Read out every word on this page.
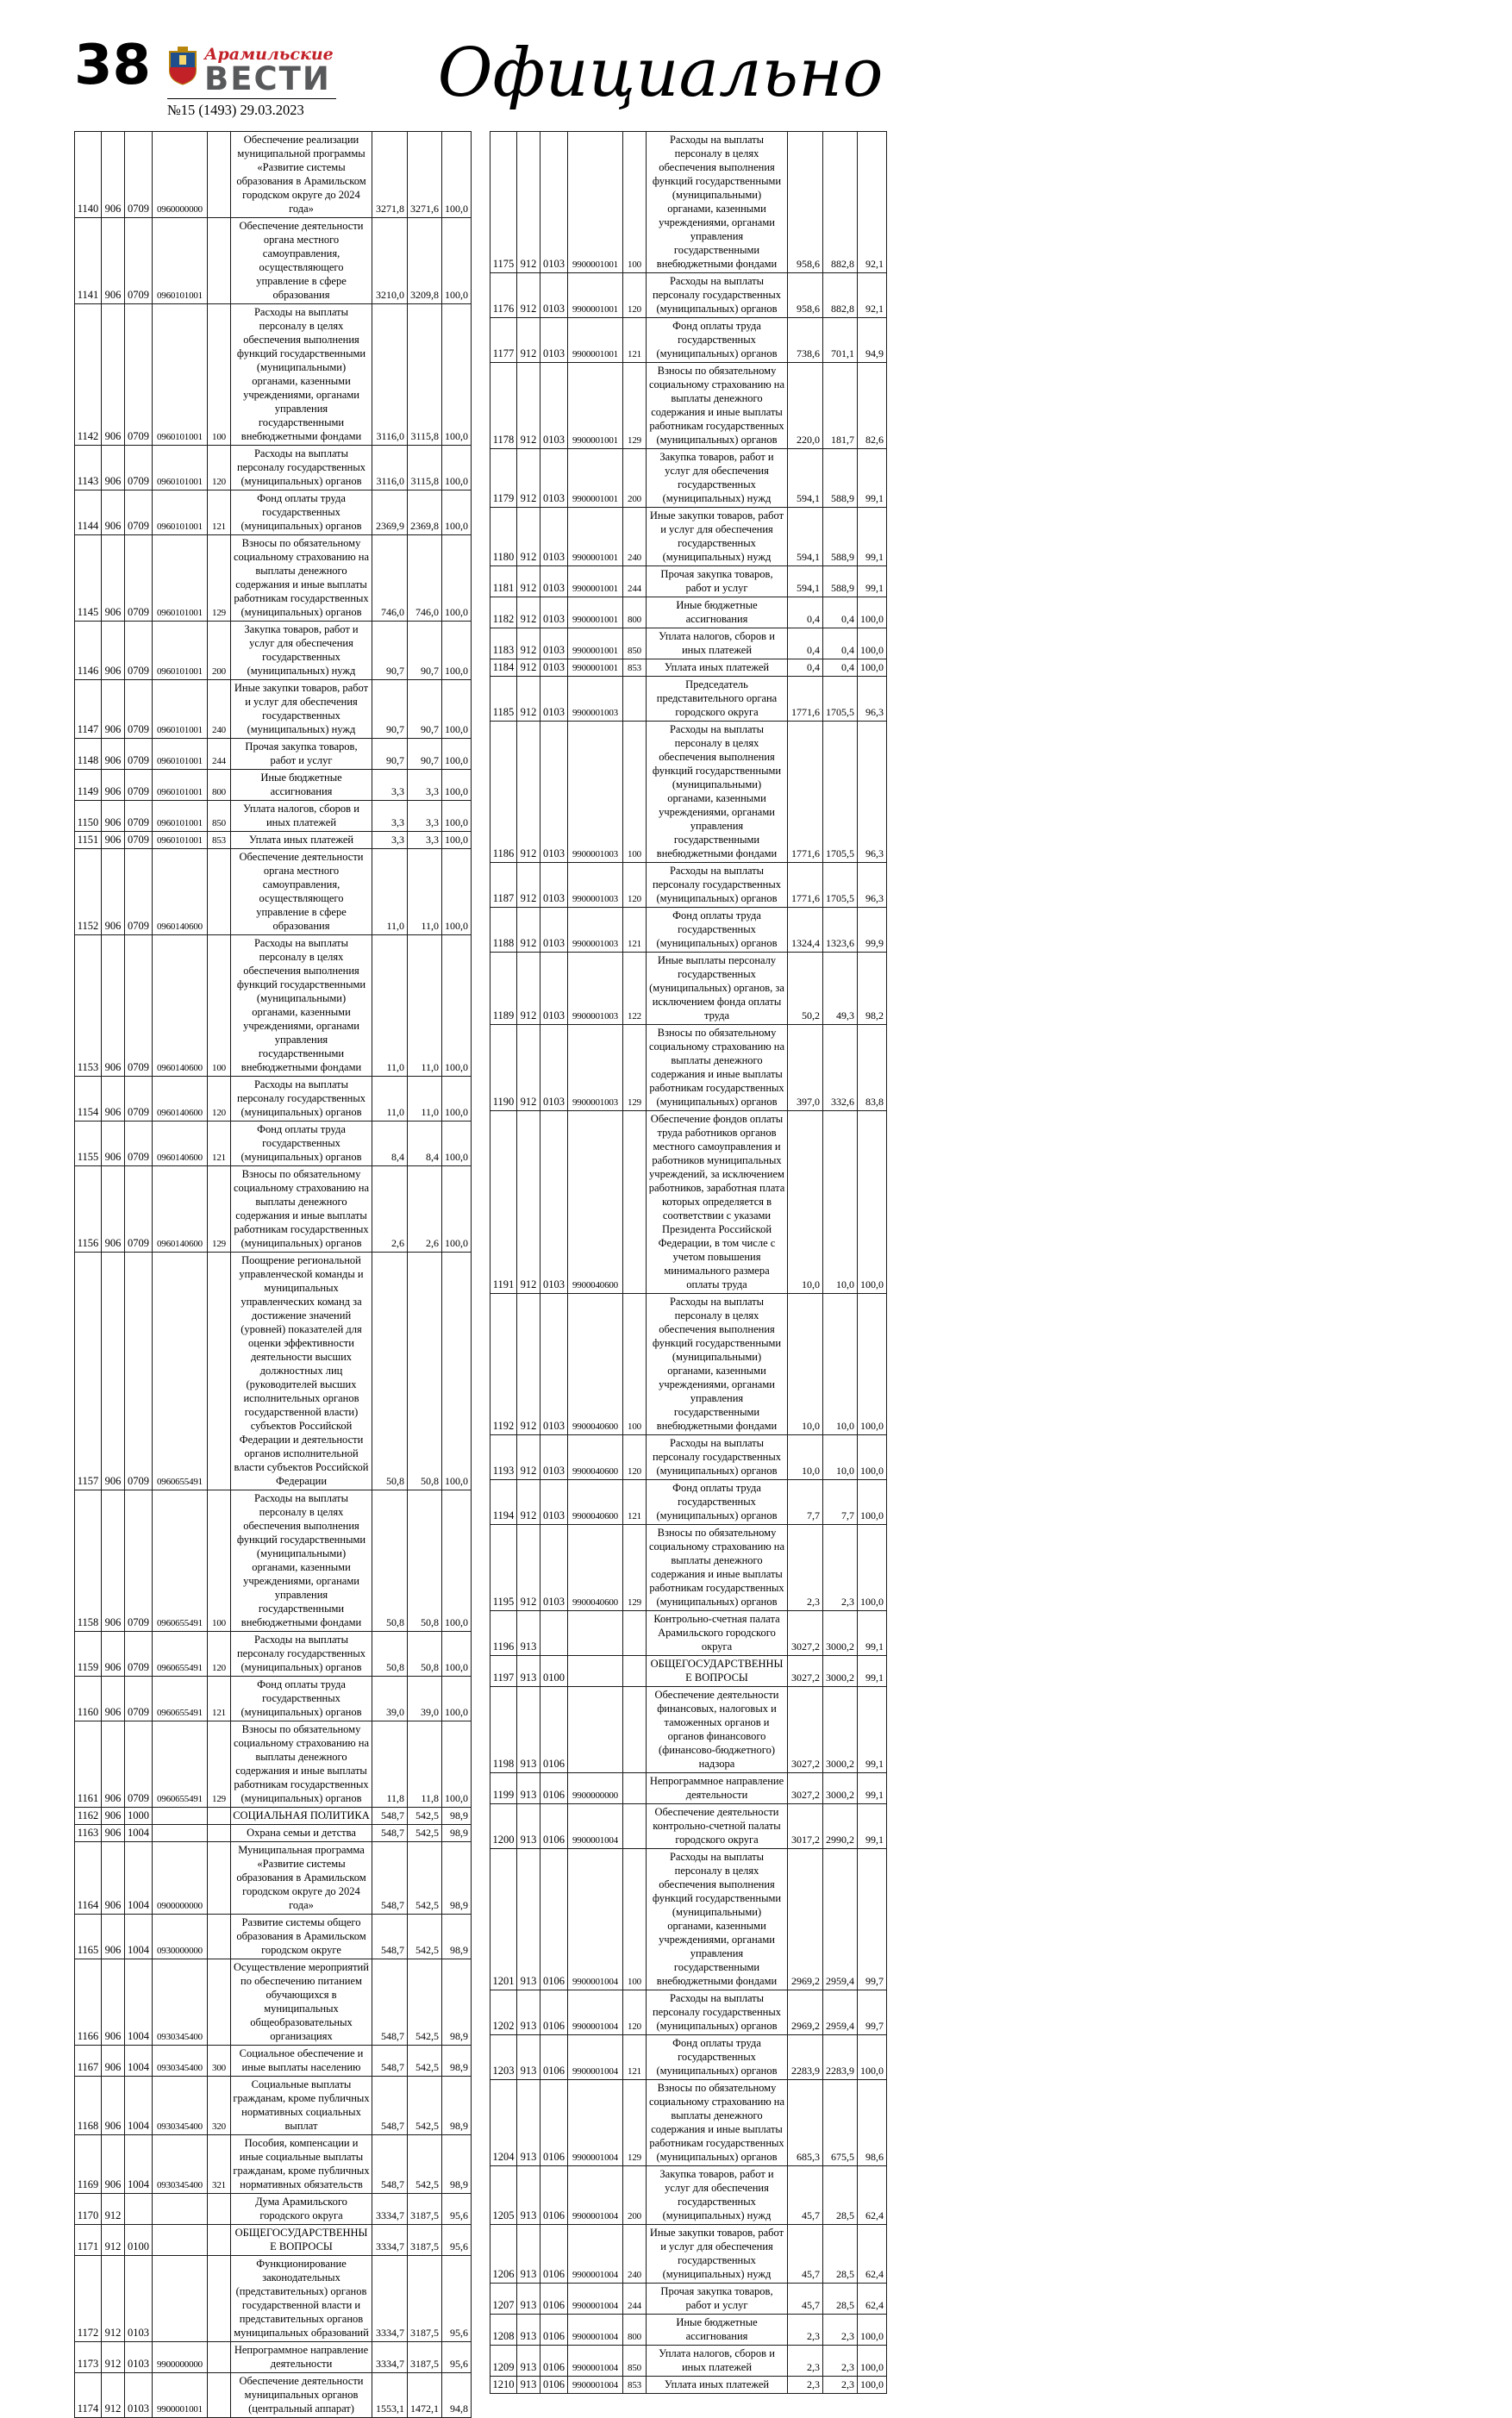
38	Арамильские
ВЕСТИ
№15 (1493) 29.03.2023	Официально
1140	906	0709	0960000000		Обеспечение реализации муниципальной программы «Развитие системы образования в Арамильском городском округе до 2024 года»	3271,8	3271,6	100,0
1141	906	0709	0960101001		Обеспечение деятельности органа местного самоуправления, осуществляющего управление в сфере образования	3210,0	3209,8	100,0
1142	906	0709	0960101001	100	Расходы на выплаты персоналу в целях обеспечения выполнения функций государственными (муниципальными) органами, казенными учреждениями, органами управления государственными внебюджетными фондами	3116,0	3115,8	100,0
1143	906	0709	0960101001	120	Расходы на выплаты персоналу государственных (муниципальных) органов	3116,0	3115,8	100,0
1144	906	0709	0960101001	121	Фонд оплаты труда государственных (муниципальных) органов	2369,9	2369,8	100,0
1145	906	0709	0960101001	129	Взносы по обязательному социальному страхованию на выплаты денежного содержания и иные выплаты работникам государственных (муниципальных) органов	746,0	746,0	100,0
1146	906	0709	0960101001	200	Закупка товаров, работ и услуг для обеспечения государственных (муниципальных) нужд	90,7	90,7	100,0
1147	906	0709	0960101001	240	Иные закупки товаров, работ и услуг для обеспечения государственных (муниципальных) нужд	90,7	90,7	100,0
1148	906	0709	0960101001	244	Прочая закупка товаров, работ и услуг	90,7	90,7	100,0
1149	906	0709	0960101001	800	Иные бюджетные ассигнования	3,3	3,3	100,0
1150	906	0709	0960101001	850	Уплата налогов, сборов и иных платежей	3,3	3,3	100,0
1151	906	0709	0960101001	853	Уплата иных платежей	3,3	3,3	100,0
1152	906	0709	0960140600		Обеспечение деятельности органа местного самоуправления, осуществляющего управление в сфере образования	11,0	11,0	100,0
1153	906	0709	0960140600	100	Расходы на выплаты персоналу в целях обеспечения выполнения функций государственными (муниципальными) органами, казенными учреждениями, органами управления государственными внебюджетными фондами	11,0	11,0	100,0
1154	906	0709	0960140600	120	Расходы на выплаты персоналу государственных (муниципальных) органов	11,0	11,0	100,0
1155	906	0709	0960140600	121	Фонд оплаты труда государственных (муниципальных) органов	8,4	8,4	100,0
1156	906	0709	0960140600	129	Взносы по обязательному социальному страхованию на выплаты денежного содержания и иные выплаты работникам государственных (муниципальных) органов	2,6	2,6	100,0
1157	906	0709	0960655491		Поощрение региональной управленческой команды и муниципальных управленческих команд за достижение значений (уровней) показателей для оценки эффективности деятельности высших должностных лиц (руководителей высших исполнительных органов государственной власти) субъектов Российской Федерации и деятельности органов исполнительной власти субъектов Российской Федерации	50,8	50,8	100,0
1158	906	0709	0960655491	100	Расходы на выплаты персоналу в целях обеспечения выполнения функций государственными (муниципальными) органами, казенными учреждениями, органами управления государственными внебюджетными фондами	50,8	50,8	100,0
1159	906	0709	0960655491	120	Расходы на выплаты персоналу государственных (муниципальных) органов	50,8	50,8	100,0
1160	906	0709	0960655491	121	Фонд оплаты труда государственных (муниципальных) органов	39,0	39,0	100,0
1161	906	0709	0960655491	129	Взносы по обязательному социальному страхованию на выплаты денежного содержания и иные выплаты работникам государственных (муниципальных) органов	11,8	11,8	100,0
1162	906	1000			СОЦИАЛЬНАЯ ПОЛИТИКА	548,7	542,5	98,9
1163	906	1004			Охрана семьи и детства	548,7	542,5	98,9
1164	906	1004	0900000000		Муниципальная программа «Развитие системы образования в Арамильском городском округе до 2024 года»	548,7	542,5	98,9
1165	906	1004	0930000000		Развитие системы общего образования в Арамильском городском округе	548,7	542,5	98,9
1166	906	1004	0930345400		Осуществление мероприятий по обеспечению питанием обучающихся в муниципальных общеобразовательных организациях	548,7	542,5	98,9
1167	906	1004	0930345400	300	Социальное обеспечение и иные выплаты населению	548,7	542,5	98,9
1168	906	1004	0930345400	320	Социальные выплаты гражданам, кроме публичных нормативных социальных выплат	548,7	542,5	98,9
1169	906	1004	0930345400	321	Пособия, компенсации и иные социальные выплаты гражданам, кроме публичных нормативных обязательств	548,7	542,5	98,9
1170	912				Дума Арамильского городского округа	3334,7	3187,5	95,6
1171	912	0100			ОБЩЕГОСУДАРСТВЕННЫЕ ВОПРОСЫ	3334,7	3187,5	95,6
1172	912	0103			Функционирование законодательных (представительных) органов государственной власти и представительных органов муниципальных образований	3334,7	3187,5	95,6
1173	912	0103	9900000000		Непрограммное направление деятельности	3334,7	3187,5	95,6
1174	912	0103	9900001001		Обеспечение деятельности муниципальных органов (центральный аппарат)	1553,1	1472,1	94,8
1175	912	0103	9900001001	100	Расходы на выплаты персоналу в целях обеспечения выполнения функций государственными (муниципальными) органами, казенными учреждениями, органами управления государственными внебюджетными фондами	958,6	882,8	92,1
1176	912	0103	9900001001	120	Расходы на выплаты персоналу государственных (муниципальных) органов	958,6	882,8	92,1
1177	912	0103	9900001001	121	Фонд оплаты труда государственных (муниципальных) органов	738,6	701,1	94,9
1178	912	0103	9900001001	129	Взносы по обязательному социальному страхованию на выплаты денежного содержания и иные выплаты работникам государственных (муниципальных) органов	220,0	181,7	82,6
1179	912	0103	9900001001	200	Закупка товаров, работ и услуг для обеспечения государственных (муниципальных) нужд	594,1	588,9	99,1
1180	912	0103	9900001001	240	Иные закупки товаров, работ и услуг для обеспечения государственных (муниципальных) нужд	594,1	588,9	99,1
1181	912	0103	9900001001	244	Прочая закупка товаров, работ и услуг	594,1	588,9	99,1
1182	912	0103	9900001001	800	Иные бюджетные ассигнования	0,4	0,4	100,0
1183	912	0103	9900001001	850	Уплата налогов, сборов и иных платежей	0,4	0,4	100,0
1184	912	0103	9900001001	853	Уплата иных платежей	0,4	0,4	100,0
1185	912	0103	9900001003		Председатель представительного органа городского округа	1771,6	1705,5	96,3
1186	912	0103	9900001003	100	Расходы на выплаты персоналу в целях обеспечения выполнения функций государственными (муниципальными) органами, казенными учреждениями, органами управления государственными внебюджетными фондами	1771,6	1705,5	96,3
1187	912	0103	9900001003	120	Расходы на выплаты персоналу государственных (муниципальных) органов	1771,6	1705,5	96,3
1188	912	0103	9900001003	121	Фонд оплаты труда государственных (муниципальных) органов	1324,4	1323,6	99,9
1189	912	0103	9900001003	122	Иные выплаты персоналу государственных (муниципальных) органов, за исключением фонда оплаты труда	50,2	49,3	98,2
1190	912	0103	9900001003	129	Взносы по обязательному социальному страхованию на выплаты денежного содержания и иные выплаты работникам государственных (муниципальных) органов	397,0	332,6	83,8
1191	912	0103	9900040600		Обеспечение фондов оплаты труда работников органов местного самоуправления и работников муниципальных учреждений, за исключением работников, заработная плата которых определяется в соответствии с указами Президента Российской Федерации, в том числе с учетом повышения минимального размера оплаты труда	10,0	10,0	100,0
1192	912	0103	9900040600	100	Расходы на выплаты персоналу в целях обеспечения выполнения функций государственными (муниципальными) органами, казенными учреждениями, органами управления государственными внебюджетными фондами	10,0	10,0	100,0
1193	912	0103	9900040600	120	Расходы на выплаты персоналу государственных (муниципальных) органов	10,0	10,0	100,0
1194	912	0103	9900040600	121	Фонд оплаты труда государственных (муниципальных) органов	7,7	7,7	100,0
1195	912	0103	9900040600	129	Взносы по обязательному социальному страхованию на выплаты денежного содержания и иные выплаты работникам государственных (муниципальных) органов	2,3	2,3	100,0
1196	913				Контрольно-счетная палата Арамильского городского округа	3027,2	3000,2	99,1
1197	913	0100			ОБЩЕГОСУДАРСТВЕННЫЕ ВОПРОСЫ	3027,2	3000,2	99,1
1198	913	0106			Обеспечение деятельности финансовых, налоговых и таможенных органов и органов финансового (финансово-бюджетного) надзора	3027,2	3000,2	99,1
1199	913	0106	9900000000		Непрограммное направление деятельности	3027,2	3000,2	99,1
1200	913	0106	9900001004		Обеспечение деятельности контрольно-счетной палаты городского округа	3017,2	2990,2	99,1
1201	913	0106	9900001004	100	Расходы на выплаты персоналу в целях обеспечения выполнения функций государственными (муниципальными) органами, казенными учреждениями, органами управления государственными внебюджетными фондами	2969,2	2959,4	99,7
1202	913	0106	9900001004	120	Расходы на выплаты персоналу государственных (муниципальных) органов	2969,2	2959,4	99,7
1203	913	0106	9900001004	121	Фонд оплаты труда государственных (муниципальных) органов	2283,9	2283,9	100,0
1204	913	0106	9900001004	129	Взносы по обязательному социальному страхованию на выплаты денежного содержания и иные выплаты работникам государственных (муниципальных) органов	685,3	675,5	98,6
1205	913	0106	9900001004	200	Закупка товаров, работ и услуг для обеспечения государственных (муниципальных) нужд	45,7	28,5	62,4
1206	913	0106	9900001004	240	Иные закупки товаров, работ и услуг для обеспечения государственных (муниципальных) нужд	45,7	28,5	62,4
1207	913	0106	9900001004	244	Прочая закупка товаров, работ и услуг	45,7	28,5	62,4
1208	913	0106	9900001004	800	Иные бюджетные ассигнования	2,3	2,3	100,0
1209	913	0106	9900001004	850	Уплата налогов, сборов и иных платежей	2,3	2,3	100,0
1210	913	0106	9900001004	853	Уплата иных платежей	2,3	2,3	100,0
